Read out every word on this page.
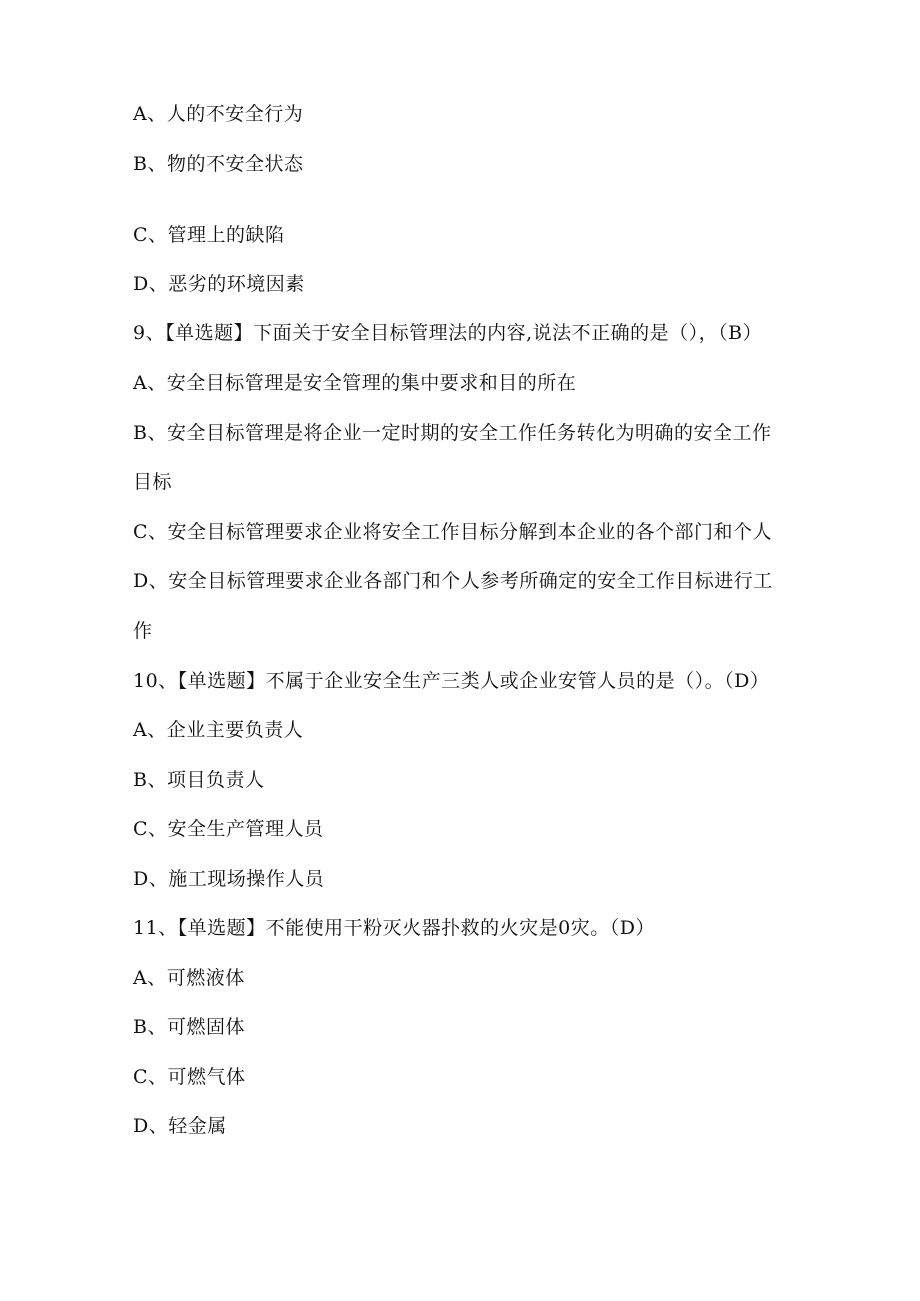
A、人的不安全行为
B、物的不安全状态
C、管理上的缺陷
D、恶劣的环境因素
9、【单选题】下面关于安全目标管理法的内容,说法不正确的是（），（B）
A、安全目标管理是安全管理的集中要求和目的所在
B、安全目标管理是将企业一定时期的安全工作任务转化为明确的安全工作
目标
C、安全目标管理要求企业将安全工作目标分解到本企业的各个部门和个人
D、安全目标管理要求企业各部门和个人参考所确定的安全工作目标进行工
作
10、【单选题】不属于企业安全生产三类人或企业安管人员的是（）。（D）
A、企业主要负责人
B、项目负责人
C、安全生产管理人员
D、施工现场操作人员
11、【单选题】不能使用干粉灭火器扑救的火灾是0灾。（D）
A、可燃液体
B、可燃固体
C、可燃气体
D、轻金属
